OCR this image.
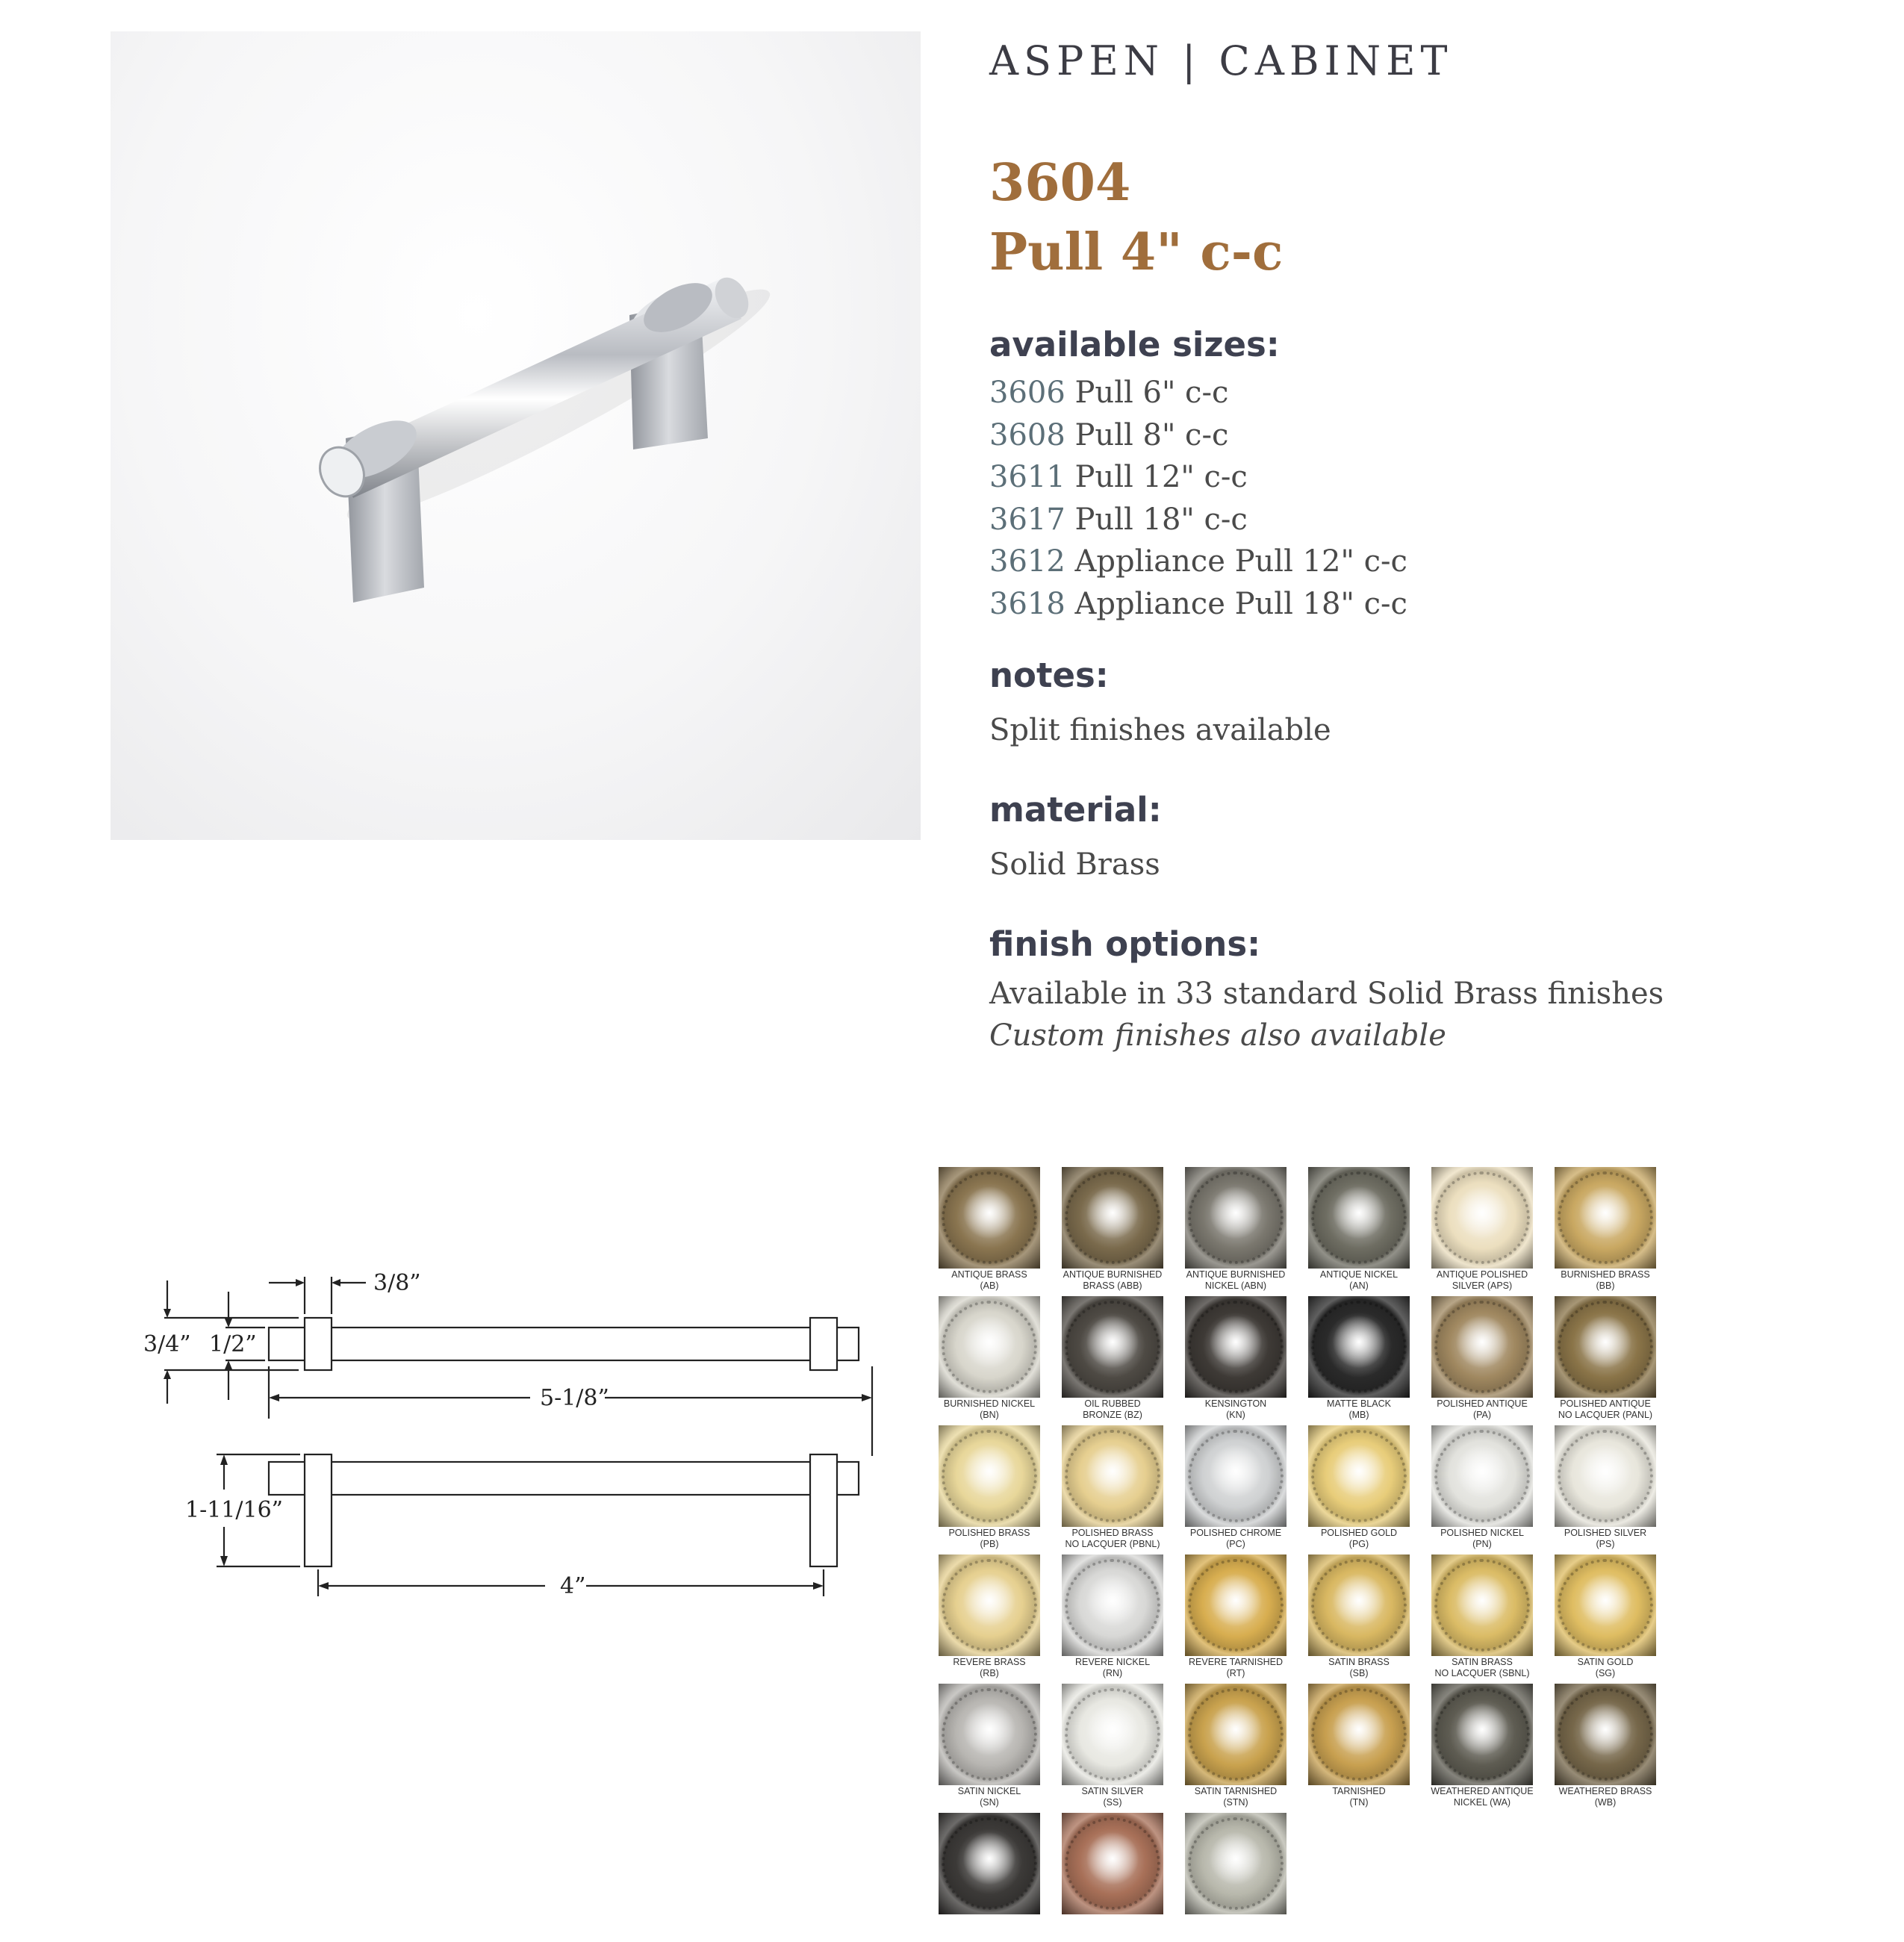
ASPEN | CABINET
3604
Pull 4" c-c
available sizes:
3606 Pull 6" c-c
3608 Pull 8" c-c
3611 Pull 12" c-c
3617 Pull 18" c-c
3612 Appliance Pull 12" c-c
3618 Appliance Pull 18" c-c
notes:
Split finishes available
material:
Solid Brass
finish options:
Available in 33 standard Solid Brass finishes
Custom finishes also available
3/8”
3/4” 1/2”
5-1/8”
1-11/16”
4”
ANTIQUE BRASS
(AB)
ANTIQUE BURNISHED
BRASS (ABB)
ANTIQUE BURNISHED
NICKEL (ABN)
ANTIQUE NICKEL
(AN)
ANTIQUE POLISHED
SILVER (APS)
BURNISHED BRASS
(BB)
BURNISHED NICKEL
(BN)
OIL RUBBED
BRONZE (BZ)
KENSINGTON
(KN)
MATTE BLACK
(MB)
POLISHED ANTIQUE
(PA)
POLISHED ANTIQUE
NO LACQUER (PANL)
POLISHED BRASS
(PB)
POLISHED BRASS
NO LACQUER (PBNL)
POLISHED CHROME
(PC)
POLISHED GOLD
(PG)
POLISHED NICKEL
(PN)
POLISHED SILVER
(PS)
REVERE BRASS
(RB)
REVERE NICKEL
(RN)
REVERE TARNISHED
(RT)
SATIN BRASS
(SB)
SATIN BRASS
NO LACQUER (SBNL)
SATIN GOLD
(SG)
SATIN NICKEL
(SN)
SATIN SILVER
(SS)
SATIN TARNISHED
(STN)
TARNISHED
(TN)
WEATHERED ANTIQUE
NICKEL (WA)
WEATHERED BRASS
(WB)
